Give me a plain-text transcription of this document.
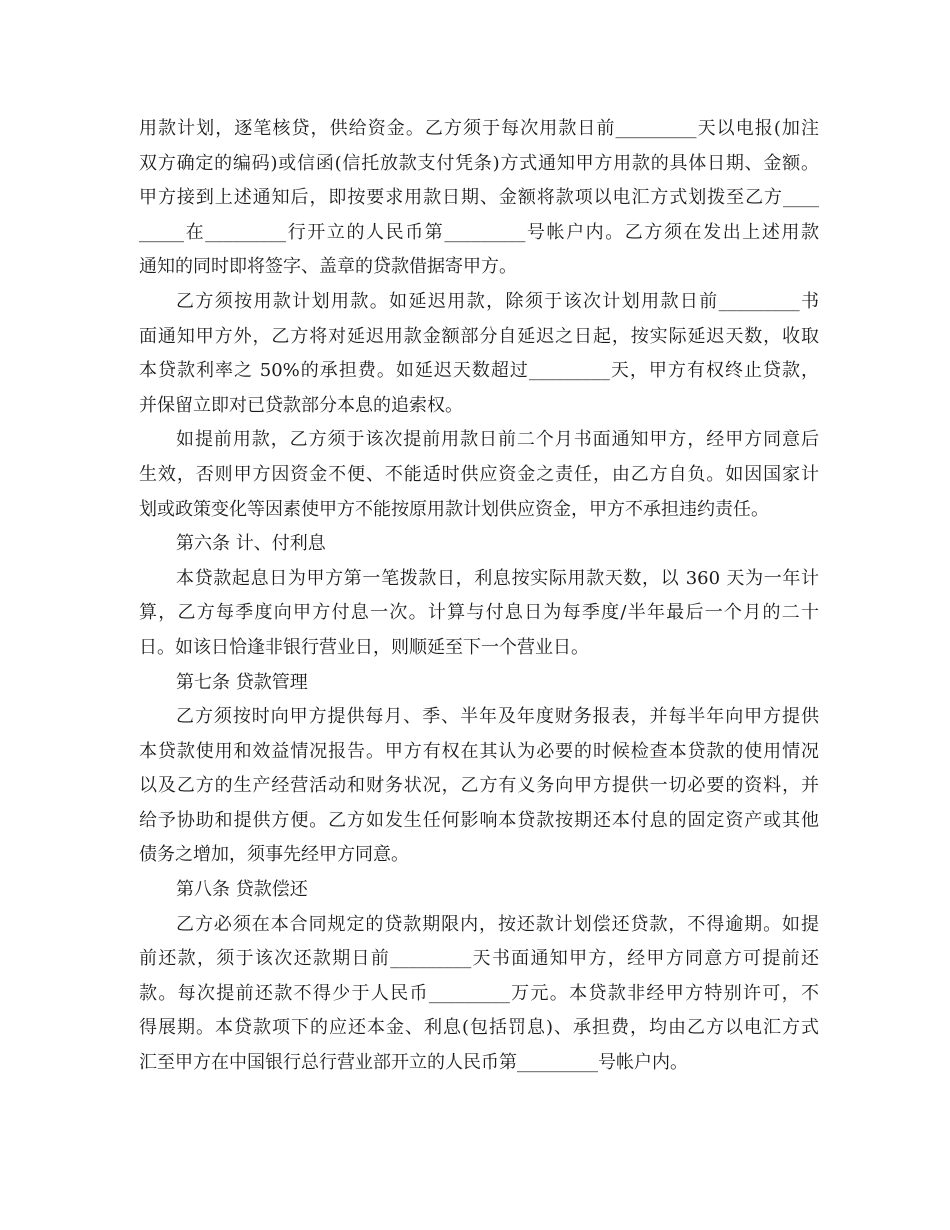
用款计划，逐笔核贷，供给资金。乙方须于每次用款日前_________天以电报(加注
双方确定的编码)或信函(信托放款支付凭条)方式通知甲方用款的具体日期、金额。
甲方接到上述通知后，即按要求用款日期、金额将款项以电汇方式划拨至乙方____
_____在_________行开立的人民币第_________号帐户内。乙方须在发出上述用款
通知的同时即将签字、盖章的贷款借据寄甲方。
乙方须按用款计划用款。如延迟用款，除须于该次计划用款日前_________书
面通知甲方外，乙方将对延迟用款金额部分自延迟之日起，按实际延迟天数，收取
本贷款利率之 50%的承担费。如延迟天数超过_________天，甲方有权终止贷款，
并保留立即对已贷款部分本息的追索权。
如提前用款，乙方须于该次提前用款日前二个月书面通知甲方，经甲方同意后
生效，否则甲方因资金不便、不能适时供应资金之责任，由乙方自负。如因国家计
划或政策变化等因素使甲方不能按原用款计划供应资金，甲方不承担违约责任。
第六条 计、付利息
本贷款起息日为甲方第一笔拨款日，利息按实际用款天数，以 360 天为一年计
算，乙方每季度向甲方付息一次。计算与付息日为每季度/半年最后一个月的二十
日。如该日恰逢非银行营业日，则顺延至下一个营业日。
第七条 贷款管理
乙方须按时向甲方提供每月、季、半年及年度财务报表，并每半年向甲方提供
本贷款使用和效益情况报告。甲方有权在其认为必要的时候检查本贷款的使用情况
以及乙方的生产经营活动和财务状况，乙方有义务向甲方提供一切必要的资料，并
给予协助和提供方便。乙方如发生任何影响本贷款按期还本付息的固定资产或其他
债务之增加，须事先经甲方同意。
第八条 贷款偿还
乙方必须在本合同规定的贷款期限内，按还款计划偿还贷款，不得逾期。如提
前还款，须于该次还款期日前_________天书面通知甲方，经甲方同意方可提前还
款。每次提前还款不得少于人民币_________万元。本贷款非经甲方特别许可，不
得展期。本贷款项下的应还本金、利息(包括罚息)、承担费，均由乙方以电汇方式
汇至甲方在中国银行总行营业部开立的人民币第_________号帐户内。
